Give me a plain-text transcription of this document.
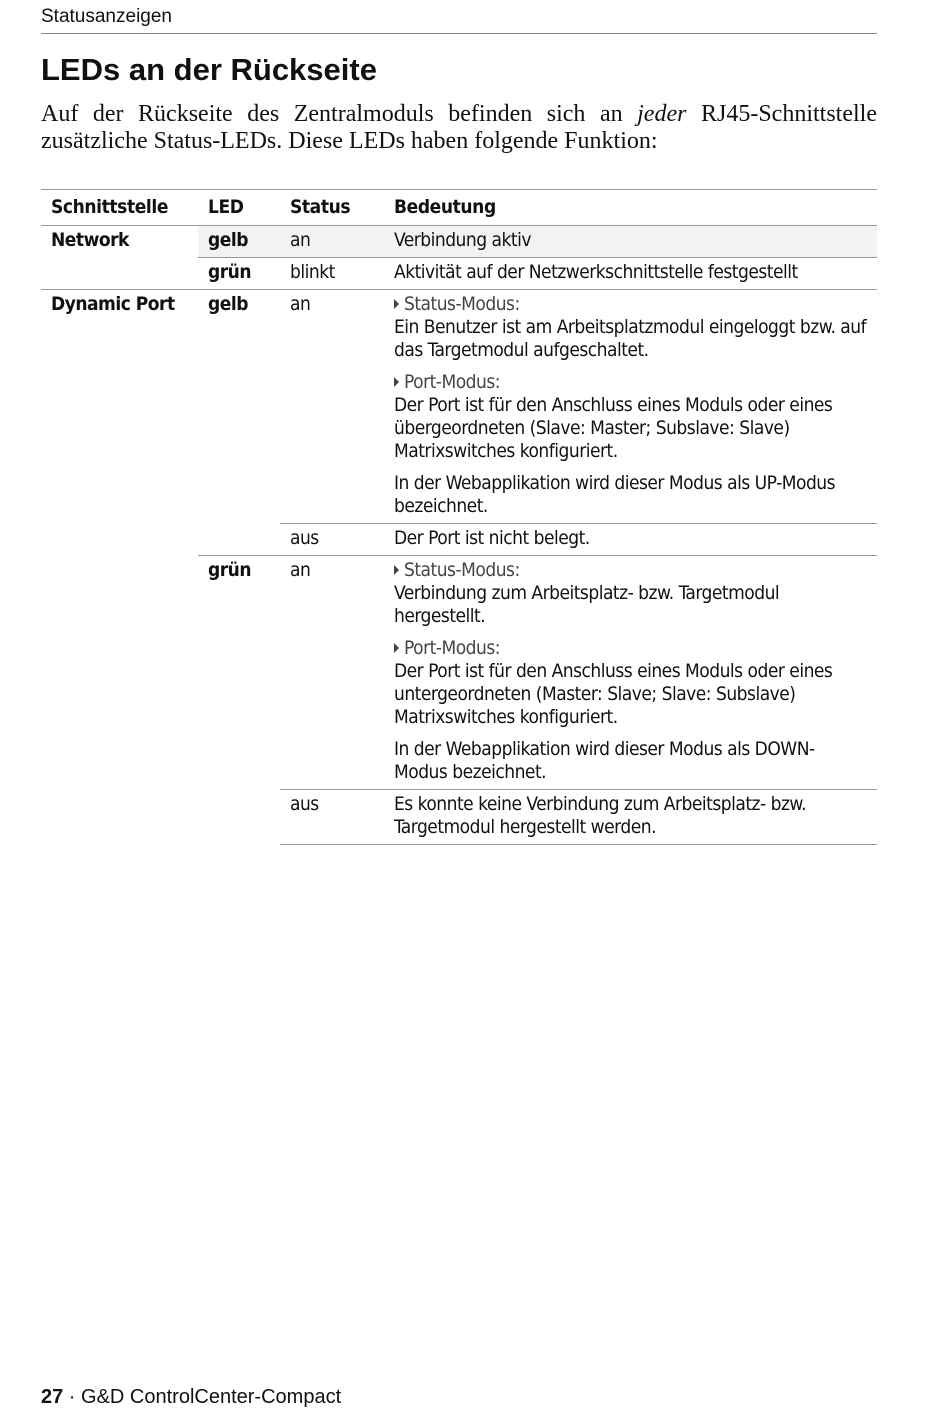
Statusanzeigen
LEDs an der Rückseite

Auf der Rückseite des Zentralmoduls befinden sich an jeder RJ45-Schnittstelle zusätzliche Status-LEDs. Diese LEDs haben folgende Funktion:

Schnittstelle	LED	Status	Bedeutung
Network	gelb	an	Verbindung aktiv
	grün	blinkt	Aktivität auf der Netzwerkschnittstelle festgestellt
Dynamic Port	gelb	an	Status-Modus:
Ein Benutzer ist am Arbeitsplatzmodul eingeloggt bzw. auf das Targetmodul aufgeschaltet.
Port-Modus:
Der Port ist für den Anschluss eines Moduls oder eines übergeordneten (Slave: Master; Subslave: Slave) Matrixswitches konfiguriert.
In der Webapplikation wird dieser Modus als UP-Modus bezeichnet.

		aus	Der Port ist nicht belegt.
	grün	an	Status-Modus:
Verbindung zum Arbeitsplatz- bzw. Targetmodul hergestellt.
Port-Modus:
Der Port ist für den Anschluss eines Moduls oder eines untergeordneten (Master: Slave; Slave: Subslave) Matrixswitches konfiguriert.
In der Webapplikation wird dieser Modus als DOWN-Modus bezeichnet.

		aus	Es konnte keine Verbindung zum Arbeitsplatz- bzw. Targetmodul hergestellt werden.
27 · G&D ControlCenter-Compact
